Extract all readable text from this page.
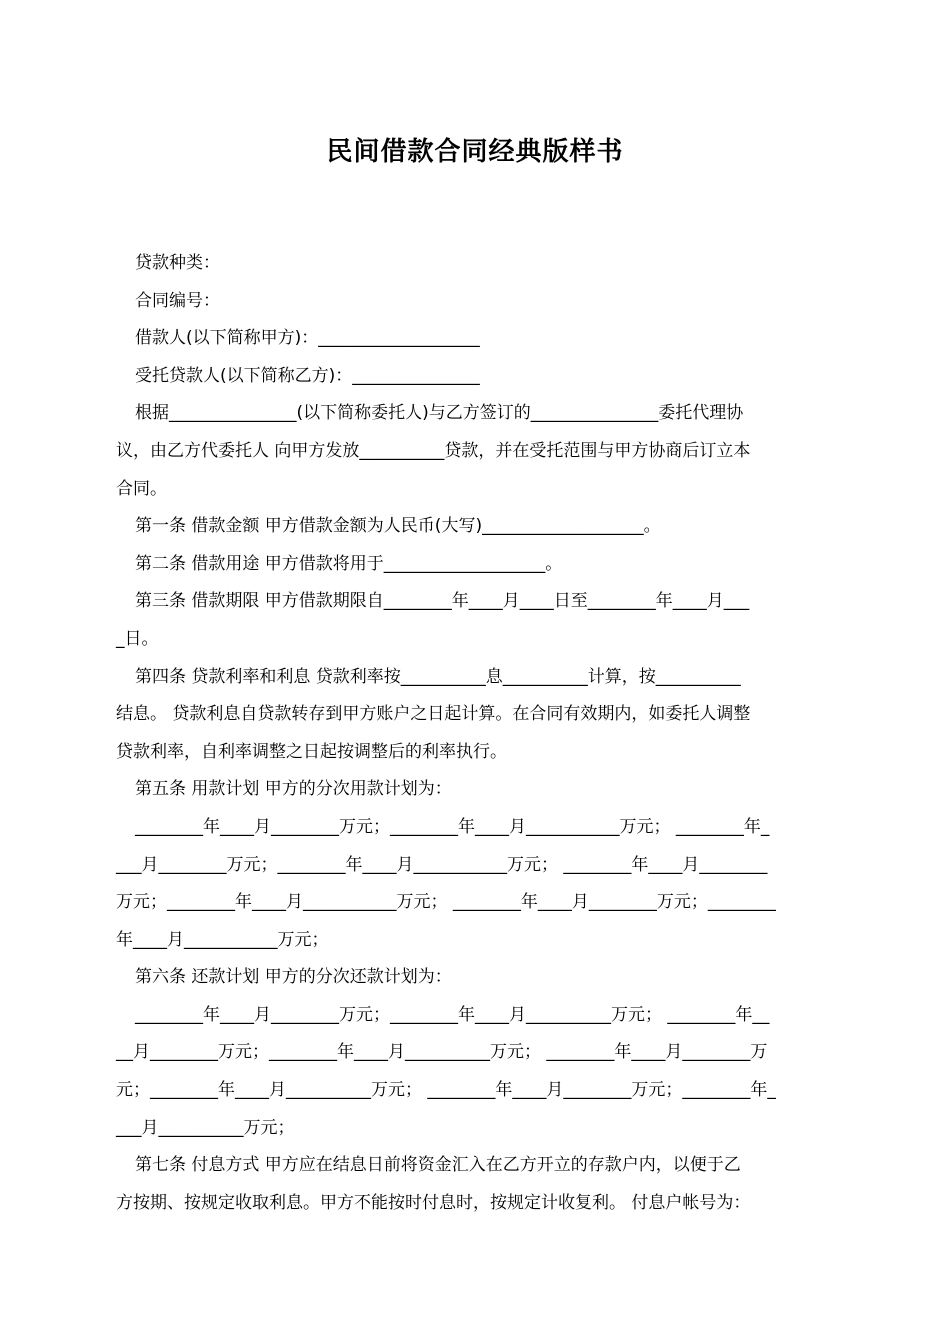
民间借款合同经典版样书

贷款种类：

合同编号：

借款人(以下简称甲方)：___________________

受托贷款人(以下简称乙方)：_______________

根据_______________(以下简称委托人)与乙方签订的_______________委托代理协

议，由乙方代委托人 向甲方发放__________贷款，并在受托范围与甲方协商后订立本

合同。

第一条 借款金额 甲方借款金额为人民币(大写)___________________。

第二条 借款用途 甲方借款将用于___________________。

第三条 借款期限 甲方借款期限自________年____月____日至________年____月___

_日。

第四条 贷款利率和利息 贷款利率按__________息__________计算，按__________

结息。 贷款利息自贷款转存到甲方账户之日起计算。在合同有效期内，如委托人调整

贷款利率，自利率调整之日起按调整后的利率执行。

第五条 用款计划 甲方的分次用款计划为：

________年____月________万元；________年____月___________万元； ________年_

___月________万元；________年____月___________万元； ________年____月________

万元；________年____月___________万元； ________年____月________万元；________

年____月___________万元；

第六条 还款计划 甲方的分次还款计划为：

________年____月________万元；________年____月__________万元； ________年__

__月________万元；________年____月__________万元； ________年____月________万

元；________年____月__________万元； ________年____月________万元；________年_

___月__________万元；

第七条 付息方式 甲方应在结息日前将资金汇入在乙方开立的存款户内，以便于乙

方按期、按规定收取利息。甲方不能按时付息时，按规定计收复利。 付息户帐号为：
